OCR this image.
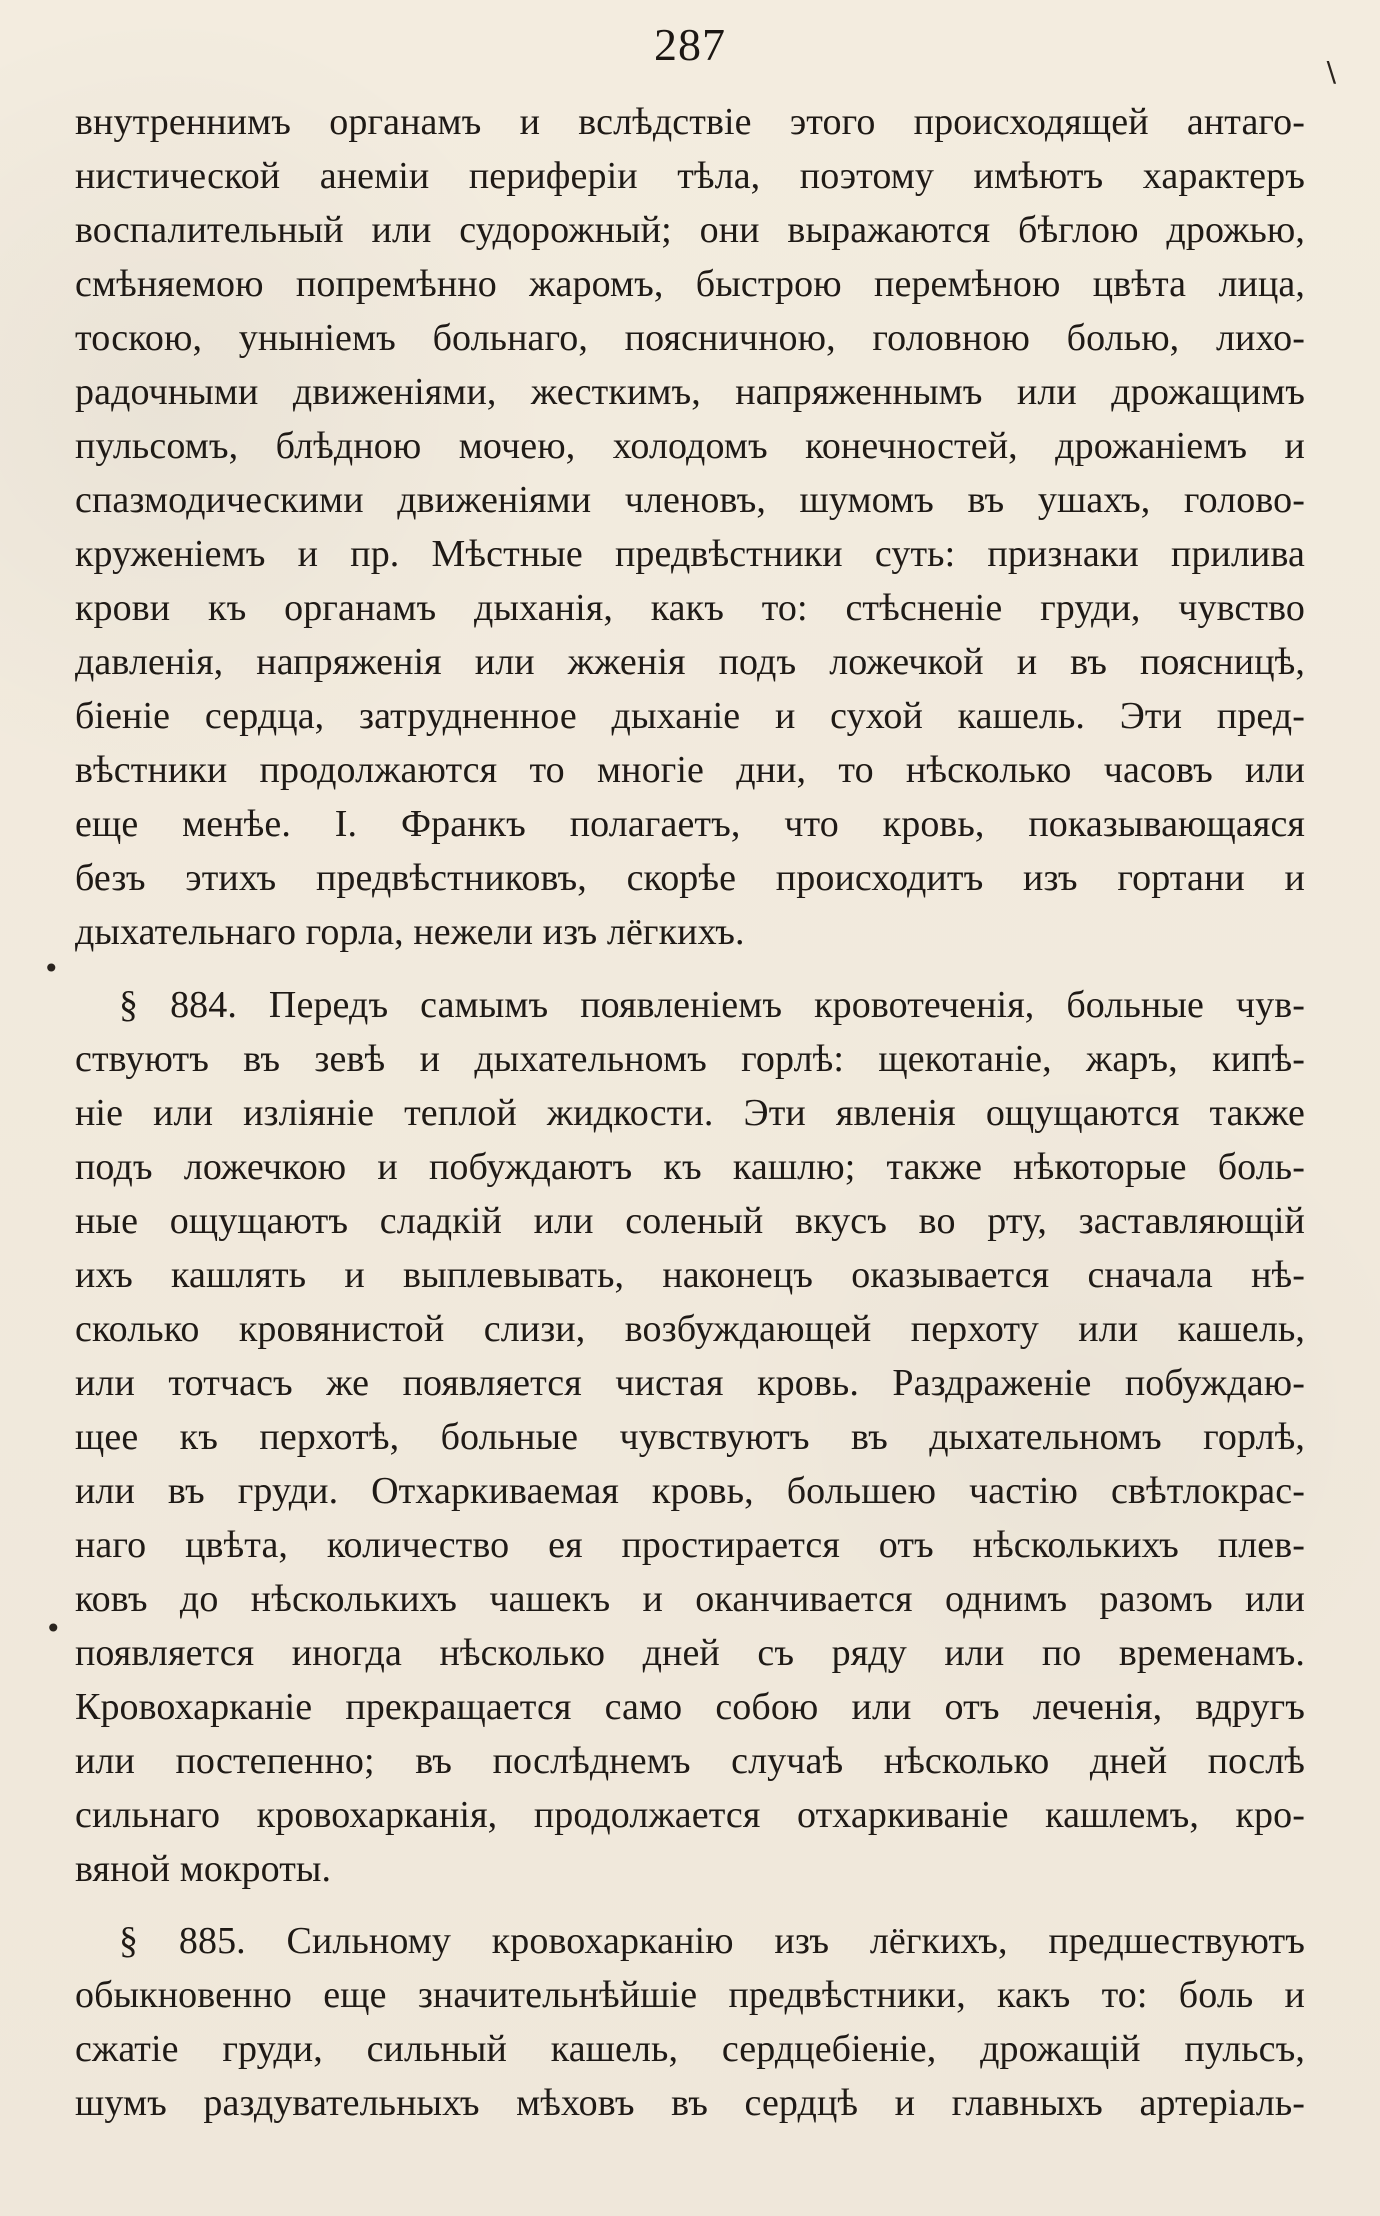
287
\
•
•
внутреннимъ органамъ и вслѣдствіе этого происходящей антаго-
нистической анеміи периферіи тѣла, поэтому имѣютъ характеръ
воспалительный или судорожный; они выражаются бѣглою дрожью,
смѣняемою попремѣнно жаромъ, быстрою перемѣною цвѣта лица,
тоскою, уныніемъ больнаго, поясничною, головною болью, лихо-
радочными движеніями, жесткимъ, напряженнымъ или дрожащимъ
пульсомъ, блѣдною мочею, холодомъ конечностей, дрожаніемъ и
спазмодическими движеніями членовъ, шумомъ въ ушахъ, голово-
круженіемъ и пр. Мѣстные предвѣстники суть: признаки прилива
крови къ органамъ дыханія, какъ то: стѣсненіе груди, чувство
давленія, напряженія или жженія подъ ложечкой и въ поясницѣ,
біеніе сердца, затрудненное дыханіе и сухой кашель. Эти пред-
вѣстники продолжаются то многіе дни, то нѣсколько часовъ или
еще менѣе. І. Франкъ полагаетъ, что кровь, показывающаяся
безъ этихъ предвѣстниковъ, скорѣе происходитъ изъ гортани и
дыхательнаго горла, нежели изъ лёгкихъ.
§ 884. Передъ самымъ появленіемъ кровотеченія, больные чув-
ствуютъ въ зевѣ и дыхательномъ горлѣ: щекотаніе, жаръ, кипѣ-
ніе или изліяніе теплой жидкости. Эти явленія ощущаются также
подъ ложечкою и побуждаютъ къ кашлю; также нѣкоторые боль-
ные ощущаютъ сладкій или соленый вкусъ во рту, заставляющій
ихъ кашлять и выплевывать, наконецъ оказывается сначала нѣ-
сколько кровянистой слизи, возбуждающей перхоту или кашель,
или тотчасъ же появляется чистая кровь. Раздраженіе побуждаю-
щее къ перхотѣ, больные чувствуютъ въ дыхательномъ горлѣ,
или въ груди. Отхаркиваемая кровь, большею частію свѣтлокрас-
наго цвѣта, количество ея простирается отъ нѣсколькихъ плев-
ковъ до нѣсколькихъ чашекъ и оканчивается однимъ разомъ или
появляется иногда нѣсколько дней съ ряду или по временамъ.
Кровохарканіе прекращается само собою или отъ леченія, вдругъ
или постепенно; въ послѣднемъ случаѣ нѣсколько дней послѣ
сильнаго кровохарканія, продолжается отхаркиваніе кашлемъ, кро-
вяной мокроты.
§ 885. Сильному кровохарканію изъ лёгкихъ, предшествуютъ
обыкновенно еще значительнѣйшіе предвѣстники, какъ то: боль и
сжатіе груди, сильный кашель, сердцебіеніе, дрожащій пульсъ,
шумъ раздувательныхъ мѣховъ въ сердцѣ и главныхъ артеріаль-
